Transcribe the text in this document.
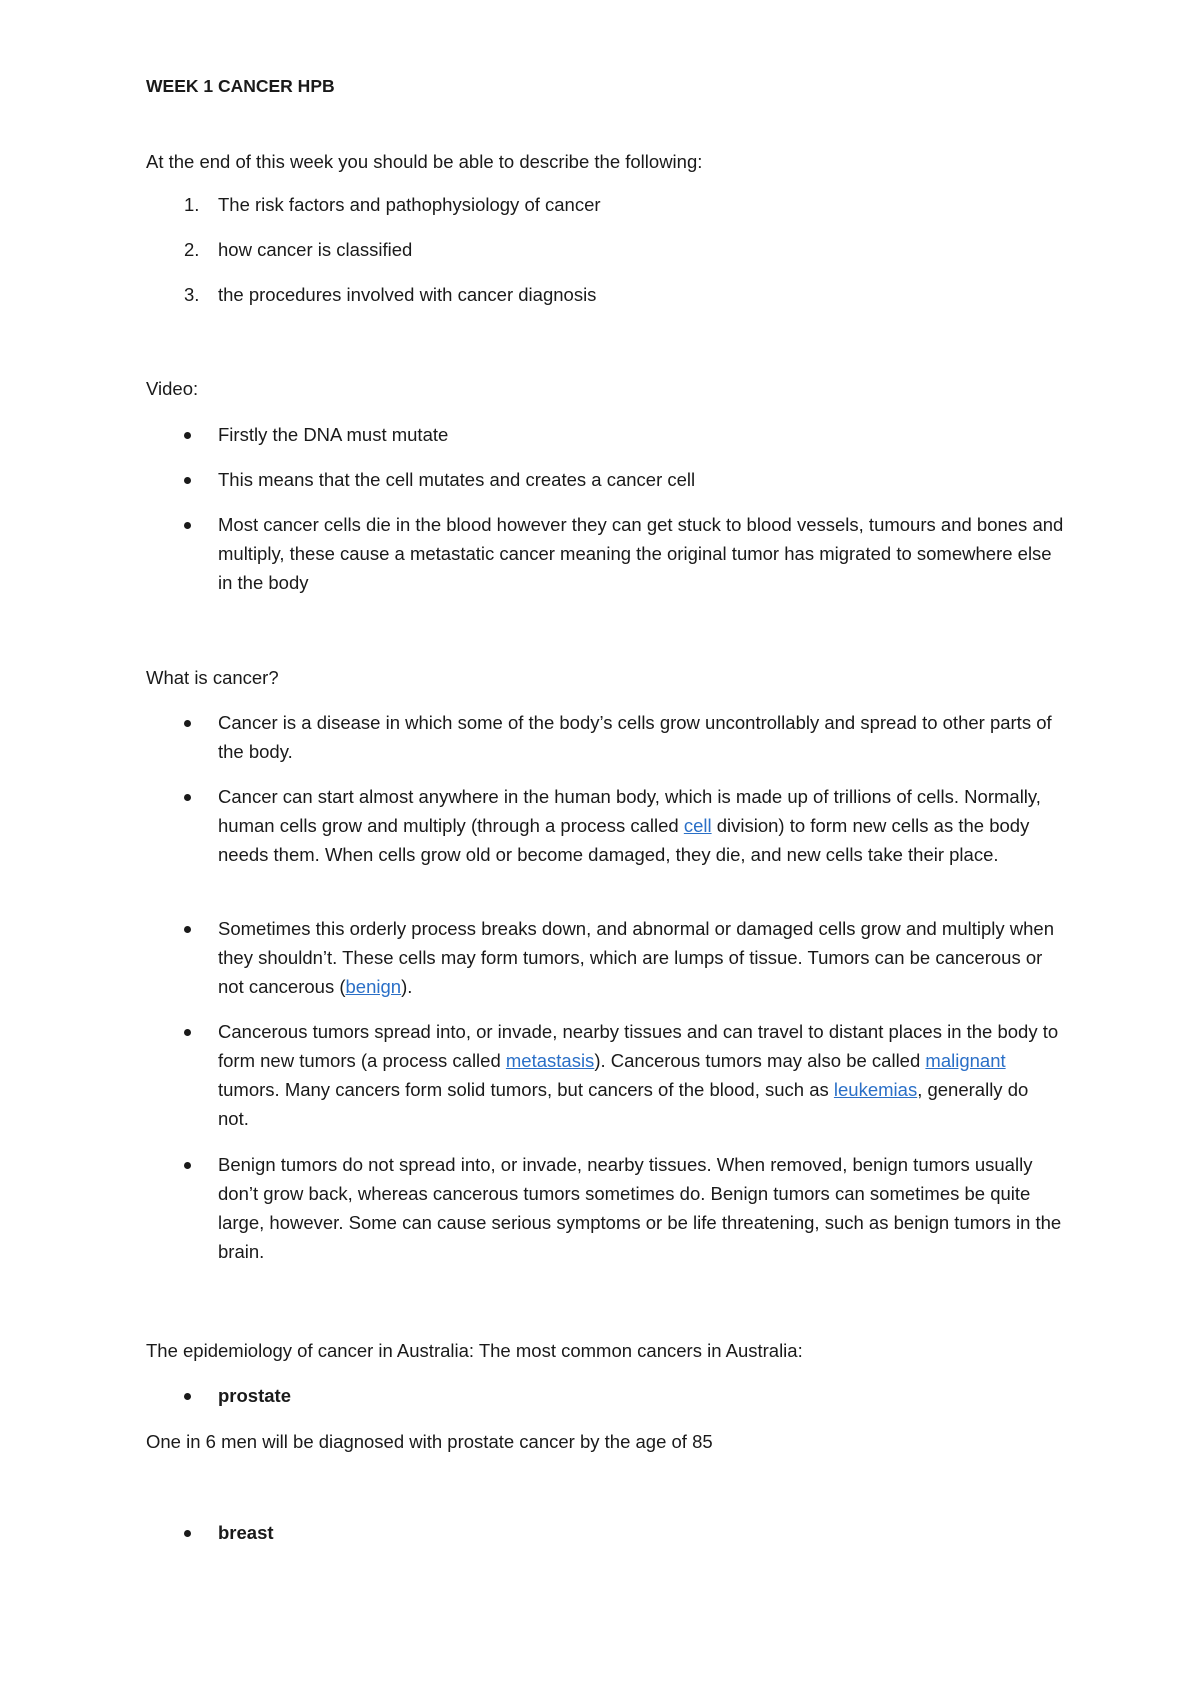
WEEK 1 CANCER HPB
At the end of this week you should be able to describe the following:
1. The risk factors and pathophysiology of cancer
2. how cancer is classified
3. the procedures involved with cancer diagnosis
Video:
Firstly the DNA must mutate
This means that the cell mutates and creates a cancer cell
Most cancer cells die in the blood however they can get stuck to blood vessels, tumours and bones and multiply, these cause a metastatic cancer meaning the original tumor has migrated to somewhere else in the body
What is cancer?
Cancer is a disease in which some of the body’s cells grow uncontrollably and spread to other parts of the body.
Cancer can start almost anywhere in the human body, which is made up of trillions of cells. Normally, human cells grow and multiply (through a process called cell division) to form new cells as the body needs them. When cells grow old or become damaged, they die, and new cells take their place.
Sometimes this orderly process breaks down, and abnormal or damaged cells grow and multiply when they shouldn’t. These cells may form tumors, which are lumps of tissue. Tumors can be cancerous or not cancerous (benign).
Cancerous tumors spread into, or invade, nearby tissues and can travel to distant places in the body to form new tumors (a process called metastasis). Cancerous tumors may also be called malignant tumors. Many cancers form solid tumors, but cancers of the blood, such as leukemias, generally do not.
Benign tumors do not spread into, or invade, nearby tissues. When removed, benign tumors usually don’t grow back, whereas cancerous tumors sometimes do. Benign tumors can sometimes be quite large, however. Some can cause serious symptoms or be life threatening, such as benign tumors in the brain.
The epidemiology of cancer in Australia: The most common cancers in Australia:
prostate
One in 6 men will be diagnosed with prostate cancer by the age of 85
breast
